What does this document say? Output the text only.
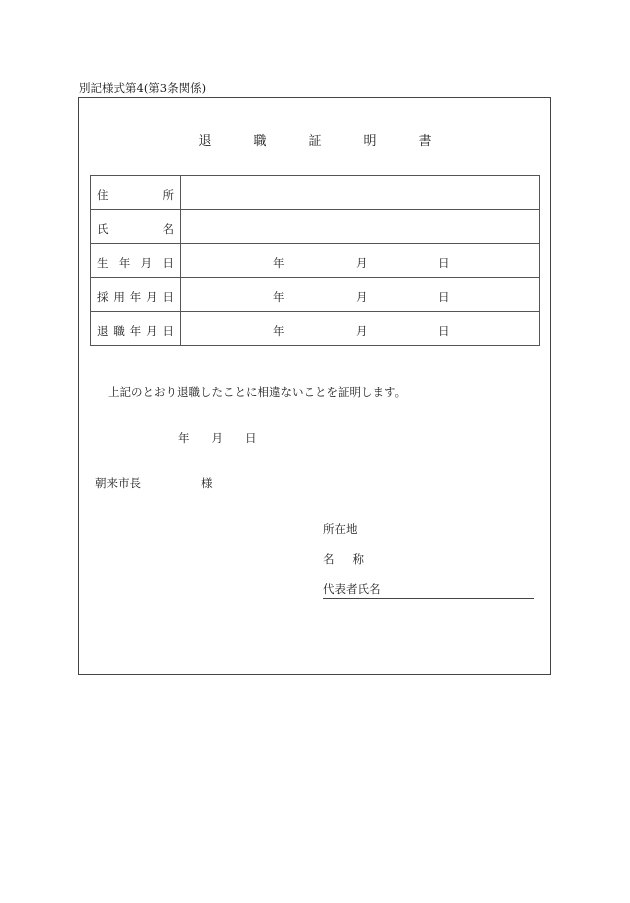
別記様式第4(第3条関係)
退	職	証	明	書
住 所	

氏 名	

生 年 月 日	年 月 日

採 用 年 月 日	年 月 日

退 職 年 月 日	年 月 日
上記のとおり退職したことに相違ないことを証明します。
年 月 日
朝来市長	様
所在地
名 称
代表者氏名
